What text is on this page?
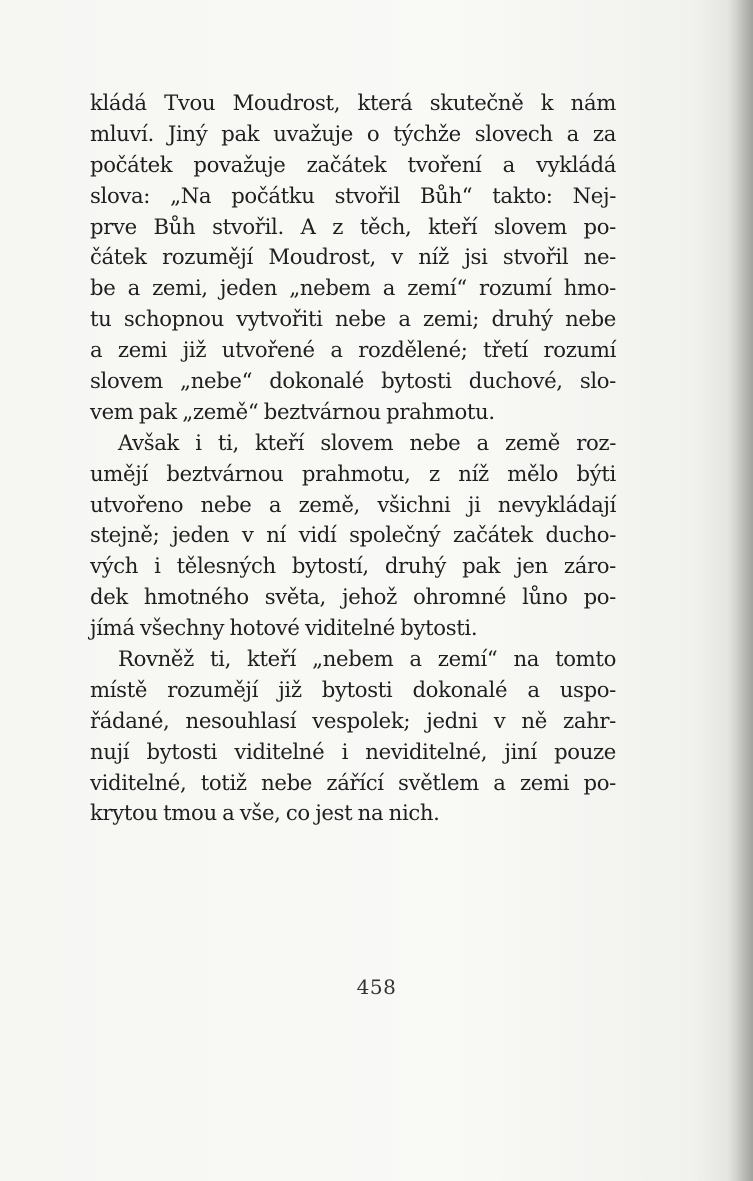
kládá Tvou Moudrost, která skutečně k nám
mluví. Jiný pak uvažuje o týchže slovech a za
počátek považuje začátek tvoření a vykládá
slova: „Na počátku stvořil Bůh“ takto: Nej-
prve Bůh stvořil. A z těch, kteří slovem po-
čátek rozumějí Moudrost, v níž jsi stvořil ne-
be a zemi, jeden „nebem a zemí“ rozumí hmo-
tu schopnou vytvořiti nebe a zemi; druhý nebe
a zemi již utvořené a rozdělené; třetí rozumí
slovem „nebe“ dokonalé bytosti duchové, slo-
vem pak „země“ beztvárnou prahmotu.
Avšak i ti, kteří slovem nebe a země roz-
umějí beztvárnou prahmotu, z níž mělo býti
utvořeno nebe a země, všichni ji nevykládají
stejně; jeden v ní vidí společný začátek ducho-
vých i tělesných bytostí, druhý pak jen záro-
dek hmotného světa, jehož ohromné lůno po-
jímá všechny hotové viditelné bytosti.
Rovněž ti, kteří „nebem a zemí“ na tomto
místě rozumějí již bytosti dokonalé a uspo-
řádané, nesouhlasí vespolek; jedni v ně zahr-
nují bytosti viditelné i neviditelné, jiní pouze
viditelné, totiž nebe zářící světlem a zemi po-
krytou tmou a vše, co jest na nich.
458
